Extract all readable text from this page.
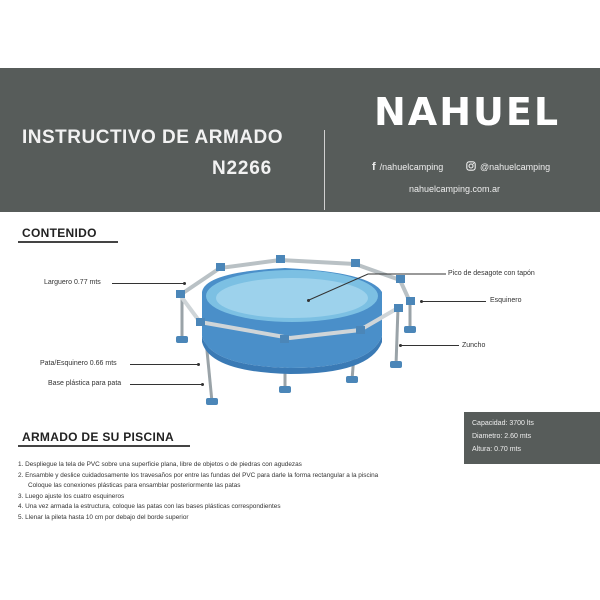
INSTRUCTIVO DE ARMADO
N2266
NAHUEL
f /nahuelcamping	@nahuelcamping
nahuelcamping.com.ar
CONTENIDO
Larguero 0.77 mts
Pata/Esquinero 0.66 mts
Base plástica para pata
Pico de desagote con tapón
Esquinero
Zuncho
Capacidad: 3700 lts
Diametro: 2.60 mts
Altura: 0.70 mts
ARMADO DE SU PISCINA
1. Despliegue la tela de PVC sobre una superficie plana, libre de objetos o de piedras con agudezas
2. Ensamble y deslice cuidadosamente los travesaños por entre las fundas del PVC para darle la forma rectangular a la piscina
Coloque las conexiones plásticas para ensamblar posteriormente las patas
3. Luego ajuste los cuatro esquineros
4. Una vez armada la estructura, coloque las patas con las bases plásticas correspondientes
5. Llenar la pileta hasta 10 cm por debajo del borde superior
